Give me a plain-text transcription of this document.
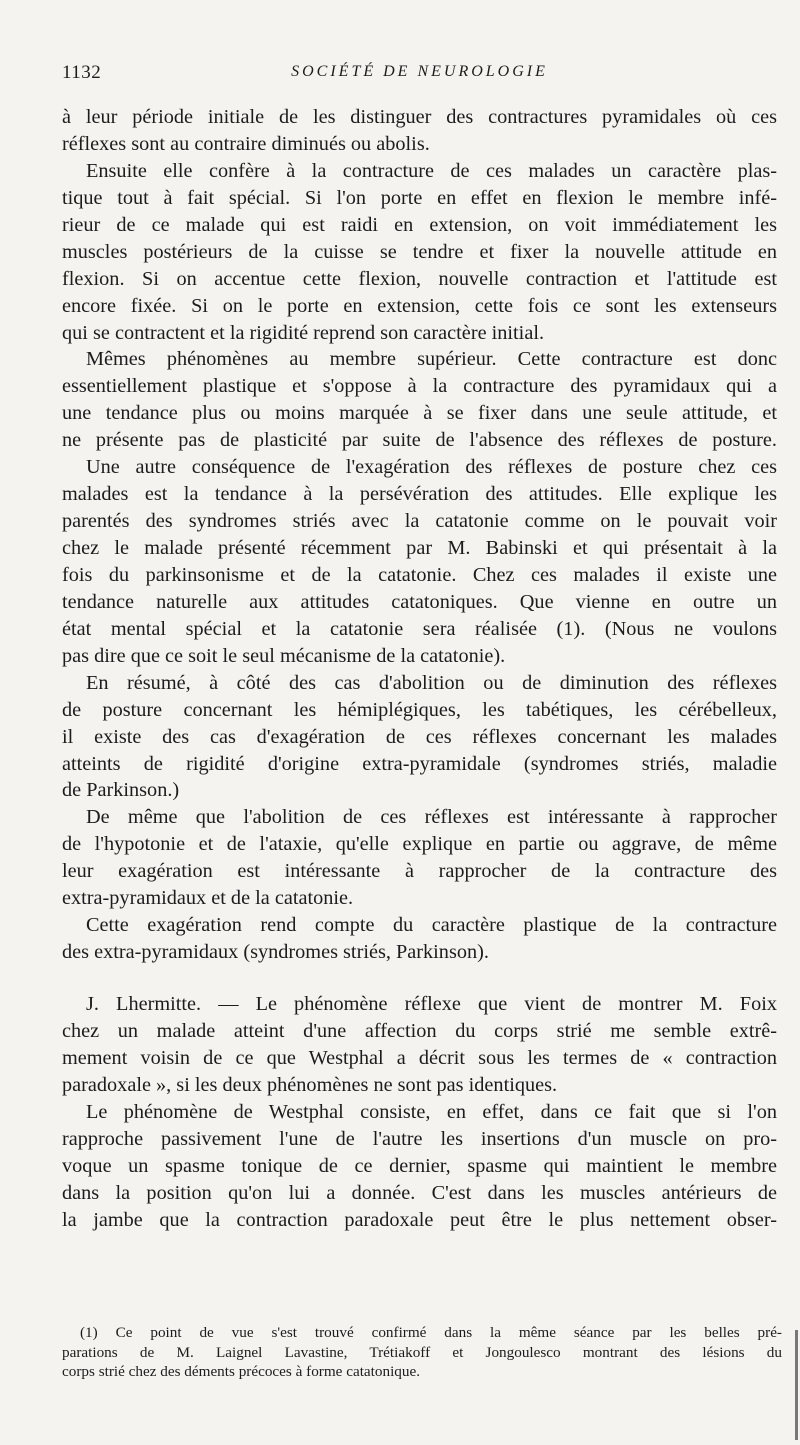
1132	SOCIÉTÉ DE NEUROLOGIE
à leur période initiale de les distinguer des contractures pyramidales où ces
réflexes sont au contraire diminués ou abolis.
Ensuite elle confère à la contracture de ces malades un caractère plas-
tique tout à fait spécial. Si l'on porte en effet en flexion le membre infé-
rieur de ce malade qui est raidi en extension, on voit immédiatement les
muscles postérieurs de la cuisse se tendre et fixer la nouvelle attitude en
flexion. Si on accentue cette flexion, nouvelle contraction et l'attitude est
encore fixée. Si on le porte en extension, cette fois ce sont les extenseurs
qui se contractent et la rigidité reprend son caractère initial.
Mêmes phénomènes au membre supérieur. Cette contracture est donc
essentiellement plastique et s'oppose à la contracture des pyramidaux qui a
une tendance plus ou moins marquée à se fixer dans une seule attitude, et
ne présente pas de plasticité par suite de l'absence des réflexes de posture.
Une autre conséquence de l'exagération des réflexes de posture chez ces
malades est la tendance à la persévération des attitudes. Elle explique les
parentés des syndromes striés avec la catatonie comme on le pouvait voir
chez le malade présenté récemment par M. Babinski et qui présentait à la
fois du parkinsonisme et de la catatonie. Chez ces malades il existe une
tendance naturelle aux attitudes catatoniques. Que vienne en outre un
état mental spécial et la catatonie sera réalisée (1). (Nous ne voulons
pas dire que ce soit le seul mécanisme de la catatonie).
En résumé, à côté des cas d'abolition ou de diminution des réflexes
de posture concernant les hémiplégiques, les tabétiques, les cérébelleux,
il existe des cas d'exagération de ces réflexes concernant les malades
atteints de rigidité d'origine extra-pyramidale (syndromes striés, maladie
de Parkinson.)
De même que l'abolition de ces réflexes est intéressante à rapprocher
de l'hypotonie et de l'ataxie, qu'elle explique en partie ou aggrave, de même
leur exagération est intéressante à rapprocher de la contracture des
extra-pyramidaux et de la catatonie.
Cette exagération rend compte du caractère plastique de la contracture
des extra-pyramidaux (syndromes striés, Parkinson).
J. Lhermitte. — Le phénomène réflexe que vient de montrer M. Foix
chez un malade atteint d'une affection du corps strié me semble extrê-
mement voisin de ce que Westphal a décrit sous les termes de « contraction
paradoxale », si les deux phénomènes ne sont pas identiques.
Le phénomène de Westphal consiste, en effet, dans ce fait que si l'on
rapproche passivement l'une de l'autre les insertions d'un muscle on pro-
voque un spasme tonique de ce dernier, spasme qui maintient le membre
dans la position qu'on lui a donnée. C'est dans les muscles antérieurs de
la jambe que la contraction paradoxale peut être le plus nettement obser-
(1) Ce point de vue s'est trouvé confirmé dans la même séance par les belles pré-
parations de M. Laignel Lavastine, Trétiakoff et Jongoulesco montrant des lésions du
corps strié chez des déments précoces à forme catatonique.
